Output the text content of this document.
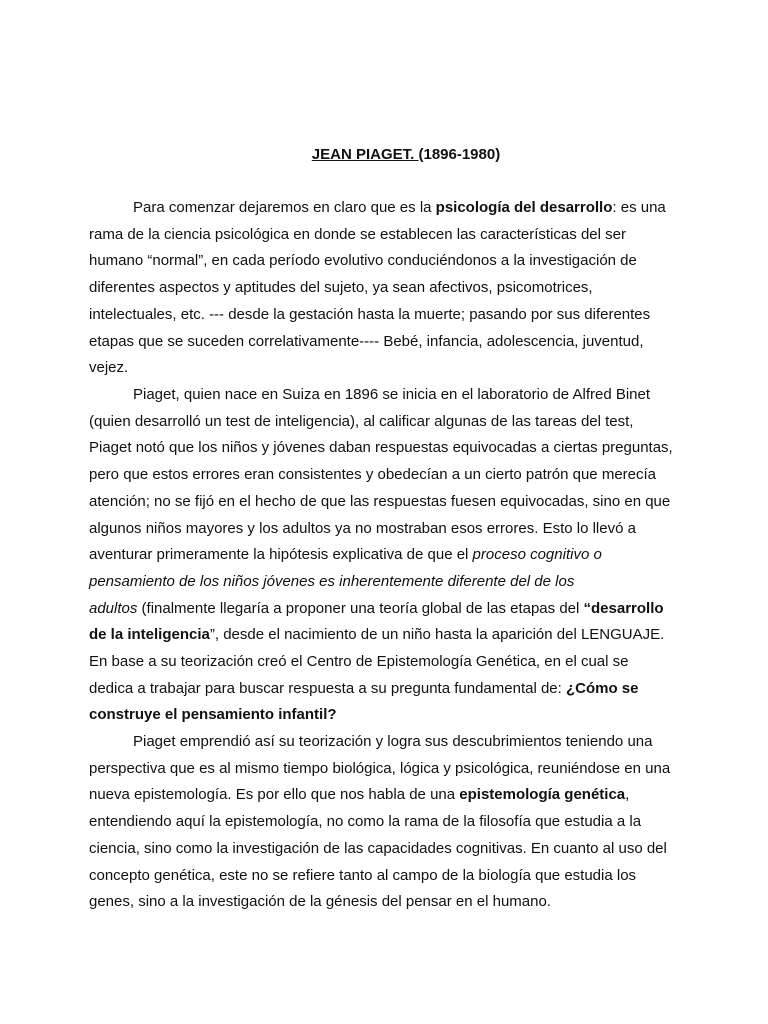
JEAN PIAGET. (1896-1980)

Para comenzar dejaremos en claro que es la psicología del desarrollo: es una
rama de la ciencia psicológica en donde se establecen las características del ser
humano “normal”, en cada período evolutivo conduciéndonos a la investigación de
diferentes aspectos y aptitudes del sujeto, ya sean afectivos, psicomotrices,
intelectuales, etc. --- desde la gestación hasta la muerte; pasando por sus diferentes
etapas que se suceden correlativamente---- Bebé, infancia, adolescencia, juventud,
vejez.

Piaget, quien nace en Suiza en 1896 se inicia en el laboratorio de Alfred Binet
(quien desarrolló un test de inteligencia), al calificar algunas de las tareas del test,
Piaget notó que los niños y jóvenes daban respuestas equivocadas a ciertas preguntas,
pero que estos errores eran consistentes y obedecían a un cierto patrón que merecía
atención; no se fijó en el hecho de que las respuestas fuesen equivocadas, sino en que
algunos niños mayores y los adultos ya no mostraban esos errores. Esto lo llevó a
aventurar primeramente la hipótesis explicativa de que el proceso cognitivo o
pensamiento de los niños jóvenes es inherentemente diferente del de los
adultos (finalmente llegaría a proponer una teoría global de las etapas del “desarrollo
de la inteligencia”, desde el nacimiento de un niño hasta la aparición del LENGUAJE.
En base a su teorización creó el Centro de Epistemología Genética, en el cual se
dedica a trabajar para buscar respuesta a su pregunta fundamental de: ¿Cómo se
construye el pensamiento infantil?

Piaget emprendió así su teorización y logra sus descubrimientos teniendo una
perspectiva que es al mismo tiempo biológica, lógica y psicológica, reuniéndose en una
nueva epistemología. Es por ello que nos habla de una epistemología genética,
entendiendo aquí la epistemología, no como la rama de la filosofía que estudia a la
ciencia, sino como la investigación de las capacidades cognitivas. En cuanto al uso del
concepto genética, este no se refiere tanto al campo de la biología que estudia los
genes, sino a la investigación de la génesis del pensar en el humano.
